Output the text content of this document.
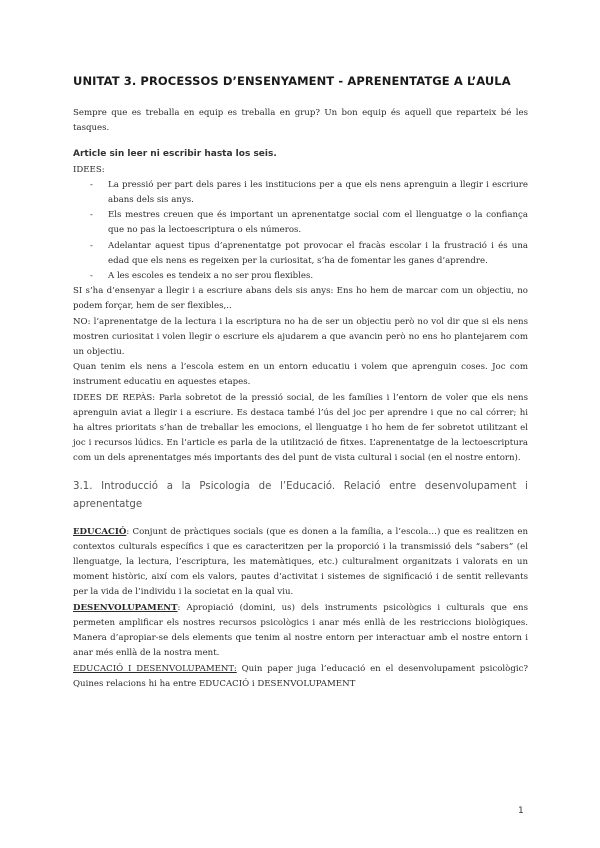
UNITAT 3. PROCESSOS D’ENSENYAMENT - APRENENTATGE A L’AULA

Sempre que es treballa en equip es treballa en grup? Un bon equip és aquell que reparteix bé les tasques.

Article sin leer ni escribir hasta los seis.

IDEES:

- La pressió per part dels pares i les institucions per a que els nens aprenguin a llegir i escriure abans dels sis anys.
- Els mestres creuen que és important un aprenentatge social com el llenguatge o la confiança que no pas la lectoescriptura o els números.
- Adelantar aquest tipus d’aprenentatge pot provocar el fracàs escolar i la frustració i és una edad que els nens es regeixen per la curiositat, s’ha de fomentar les ganes d’aprendre.
- A les escoles es tendeix a no ser prou flexibles.

SI s’ha d’ensenyar a llegir i a escriure abans dels sis anys: Ens ho hem de marcar com un objectiu, no podem forçar, hem de ser flexibles,..

NO: l’aprenentatge de la lectura i la escriptura no ha de ser un objectiu però no vol dir que si els nens mostren curiositat i volen llegir o escriure els ajudarem a que avancin però no ens ho plantejarem com un objectiu.

Quan tenim els nens a l’escola estem en un entorn educatiu i volem que aprenguin coses. Joc com instrument educatiu en aquestes etapes.

IDEES DE REPÀS: Parla sobretot de la pressió social, de les famílies i l’entorn de voler que els nens aprenguin aviat a llegir i a escriure. Es destaca també l’ús del joc per aprendre i que no cal córrer; hi ha altres prioritats s’han de treballar les emocions, el llenguatge i ho hem de fer sobretot utilitzant el joc i recursos lúdics. En l’article es parla de la utilització de fitxes. L’aprenentatge de la lectoescriptura com un dels aprenentatges més importants des del punt de vista cultural i social (en el nostre entorn).

3.1. Introducció a la Psicologia de l’Educació. Relació entre desenvolupament i aprenentatge

EDUCACIÓ: Conjunt de pràctiques socials (que es donen a la família, a l’escola…) que es realitzen en contextos culturals específics i que es caracteritzen per la proporció i la transmissió dels “sabers” (el llenguatge, la lectura, l’escriptura, les matemàtiques, etc.) culturalment organitzats i valorats en un moment històric, així com els valors, pautes d’activitat i sistemes de significació i de sentit rellevants per la vida de l’individu i la societat en la qual viu.

DESENVOLUPAMENT: Apropiació (domini, us) dels instruments psicològics i culturals que ens permeten amplificar els nostres recursos psicològics i anar més enllà de les restriccions biològiques. Manera d’apropiar-se dels elements que tenim al nostre entorn per interactuar amb el nostre entorn i anar més enllà de la nostra ment.

EDUCACIÓ I DESENVOLUPAMENT: Quin paper juga l’educació en el desenvolupament psicològic? Quines relacions hi ha entre EDUCACIÓ i DESENVOLUPAMENT

1
